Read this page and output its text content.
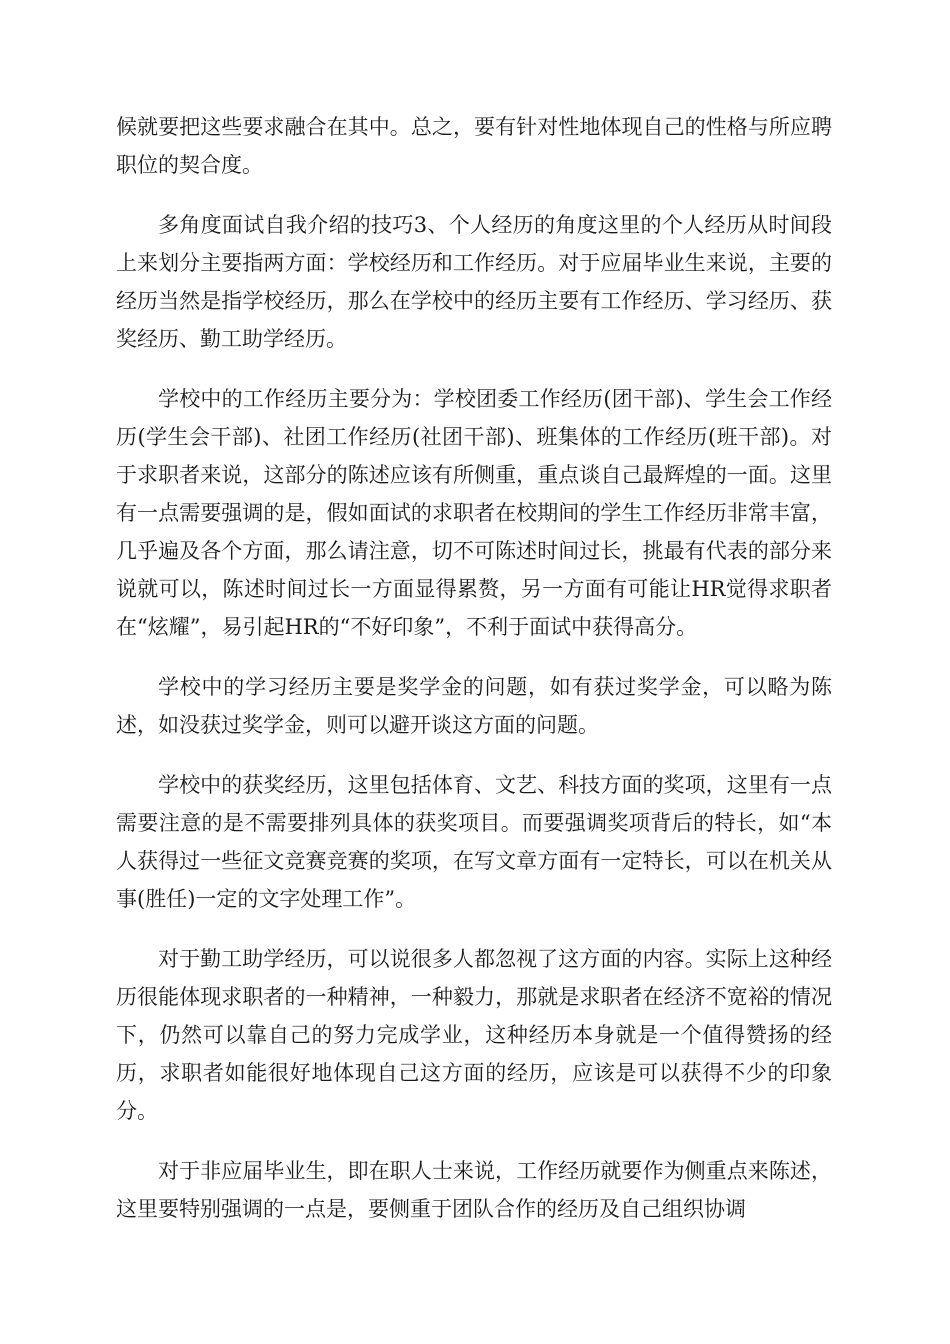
候就要把这些要求融合在其中。总之，要有针对性地体现自己的性格与所应聘职位的契合度。

多角度面试自我介绍的技巧3、个人经历的角度这里的个人经历从时间段上来划分主要指两方面：学校经历和工作经历。对于应届毕业生来说，主要的经历当然是指学校经历，那么在学校中的经历主要有工作经历、学习经历、获奖经历、勤工助学经历。

学校中的工作经历主要分为：学校团委工作经历(团干部)、学生会工作经历(学生会干部)、社团工作经历(社团干部)、班集体的工作经历(班干部)。对于求职者来说，这部分的陈述应该有所侧重，重点谈自己最辉煌的一面。这里有一点需要强调的是，假如面试的求职者在校期间的学生工作经历非常丰富，几乎遍及各个方面，那么请注意，切不可陈述时间过长，挑最有代表的部分来说就可以，陈述时间过长一方面显得累赘，另一方面有可能让HR觉得求职者在“炫耀”，易引起HR的“不好印象”，不利于面试中获得高分。

学校中的学习经历主要是奖学金的问题，如有获过奖学金，可以略为陈述，如没获过奖学金，则可以避开谈这方面的问题。

学校中的获奖经历，这里包括体育、文艺、科技方面的奖项，这里有一点需要注意的是不需要排列具体的获奖项目。而要强调奖项背后的特长，如“本人获得过一些征文竞赛竞赛的奖项，在写文章方面有一定特长，可以在机关从事(胜任)一定的文字处理工作”。

对于勤工助学经历，可以说很多人都忽视了这方面的内容。实际上这种经历很能体现求职者的一种精神，一种毅力，那就是求职者在经济不宽裕的情况下，仍然可以靠自己的努力完成学业，这种经历本身就是一个值得赞扬的经历，求职者如能很好地体现自己这方面的经历，应该是可以获得不少的印象分。

对于非应届毕业生，即在职人士来说，工作经历就要作为侧重点来陈述，这里要特别强调的一点是，要侧重于团队合作的经历及自己组织协调
